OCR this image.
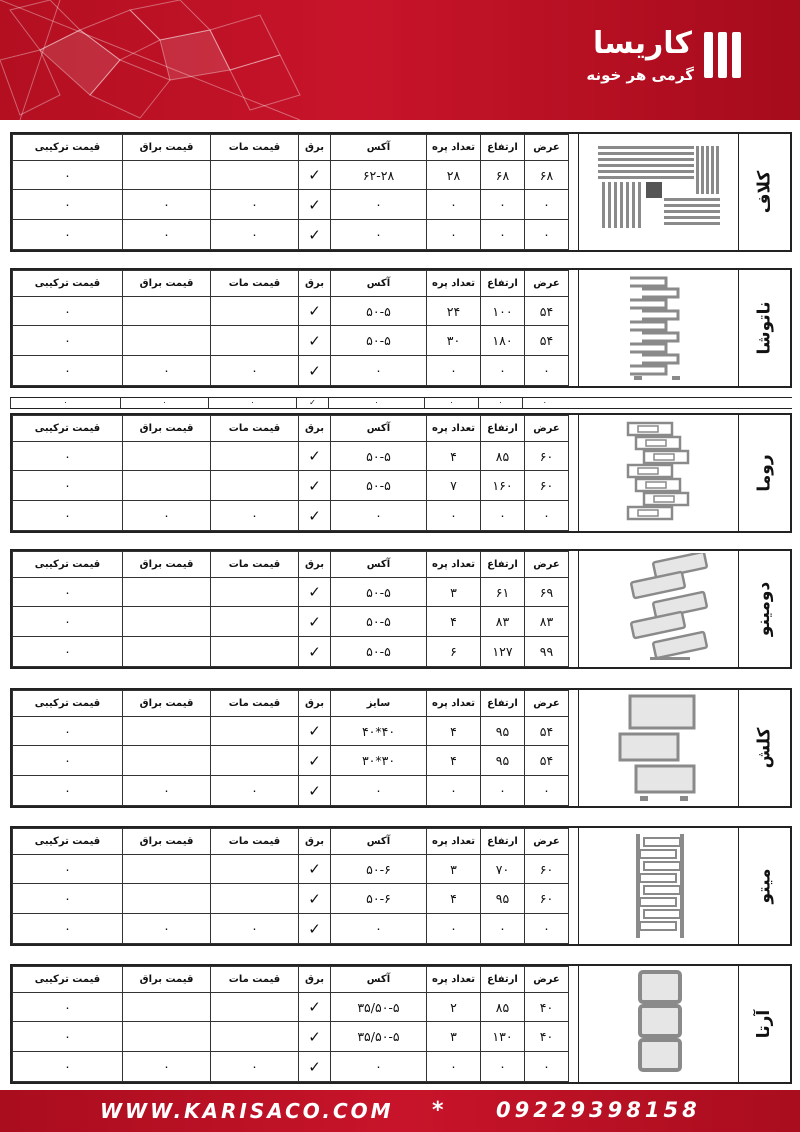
کاریسا
گرمی هر خونه
کلاف
عرض	ارتفاع	تعداد پره	آکس	برق	قیمت مات	قیمت براق	قیمت ترکیبی
۶۸	۶۸	۲۸	۶۲-۲۸	✓			۰
۰	۰	۰	۰	✓	۰	۰	۰
۰	۰	۰	۰	✓	۰	۰	۰
ناتوشا
عرض	ارتفاع	تعداد پره	آکس	برق	قیمت مات	قیمت براق	قیمت ترکیبی
۵۴	۱۰۰	۲۴	۵۰-۵	✓			۰
۵۴	۱۸۰	۳۰	۵۰-۵	✓			۰
۰	۰	۰	۰	✓	۰	۰	۰
روما
عرض	ارتفاع	تعداد پره	آکس	برق	قیمت مات	قیمت براق	قیمت ترکیبی
۶۰	۸۵	۴	۵۰-۵	✓			۰
۶۰	۱۶۰	۷	۵۰-۵	✓			۰
۰	۰	۰	۰	✓	۰	۰	۰
دومینو
عرض	ارتفاع	تعداد پره	آکس	برق	قیمت مات	قیمت براق	قیمت ترکیبی
۶۹	۶۱	۳	۵۰-۵	✓			۰
۸۳	۸۳	۴	۵۰-۵	✓			۰
۹۹	۱۲۷	۶	۵۰-۵	✓			۰
کلش
عرض	ارتفاع	تعداد پره	سایز	برق	قیمت مات	قیمت براق	قیمت ترکیبی
۵۴	۹۵	۴	۴۰*۴۰	✓			۰
۵۴	۹۵	۴	۳۰*۳۰	✓			۰
۰	۰	۰	۰	✓	۰	۰	۰
میتو
عرض	ارتفاع	تعداد پره	آکس	برق	قیمت مات	قیمت براق	قیمت ترکیبی
۶۰	۷۰	۳	۵۰-۶	✓			۰
۶۰	۹۵	۴	۵۰-۶	✓			۰
۰	۰	۰	۰	✓	۰	۰	۰
آرتا
عرض	ارتفاع	تعداد پره	آکس	برق	قیمت مات	قیمت براق	قیمت ترکیبی
۴۰	۸۵	۲	۳۵/۵۰-۵	✓			۰
۴۰	۱۳۰	۳	۳۵/۵۰-۵	✓			۰
۰	۰	۰	۰	✓	۰	۰	۰
۰	۰	۰	۰	✓	۰	۰	۰
WWW.KARISACO.COM * 09229398158
